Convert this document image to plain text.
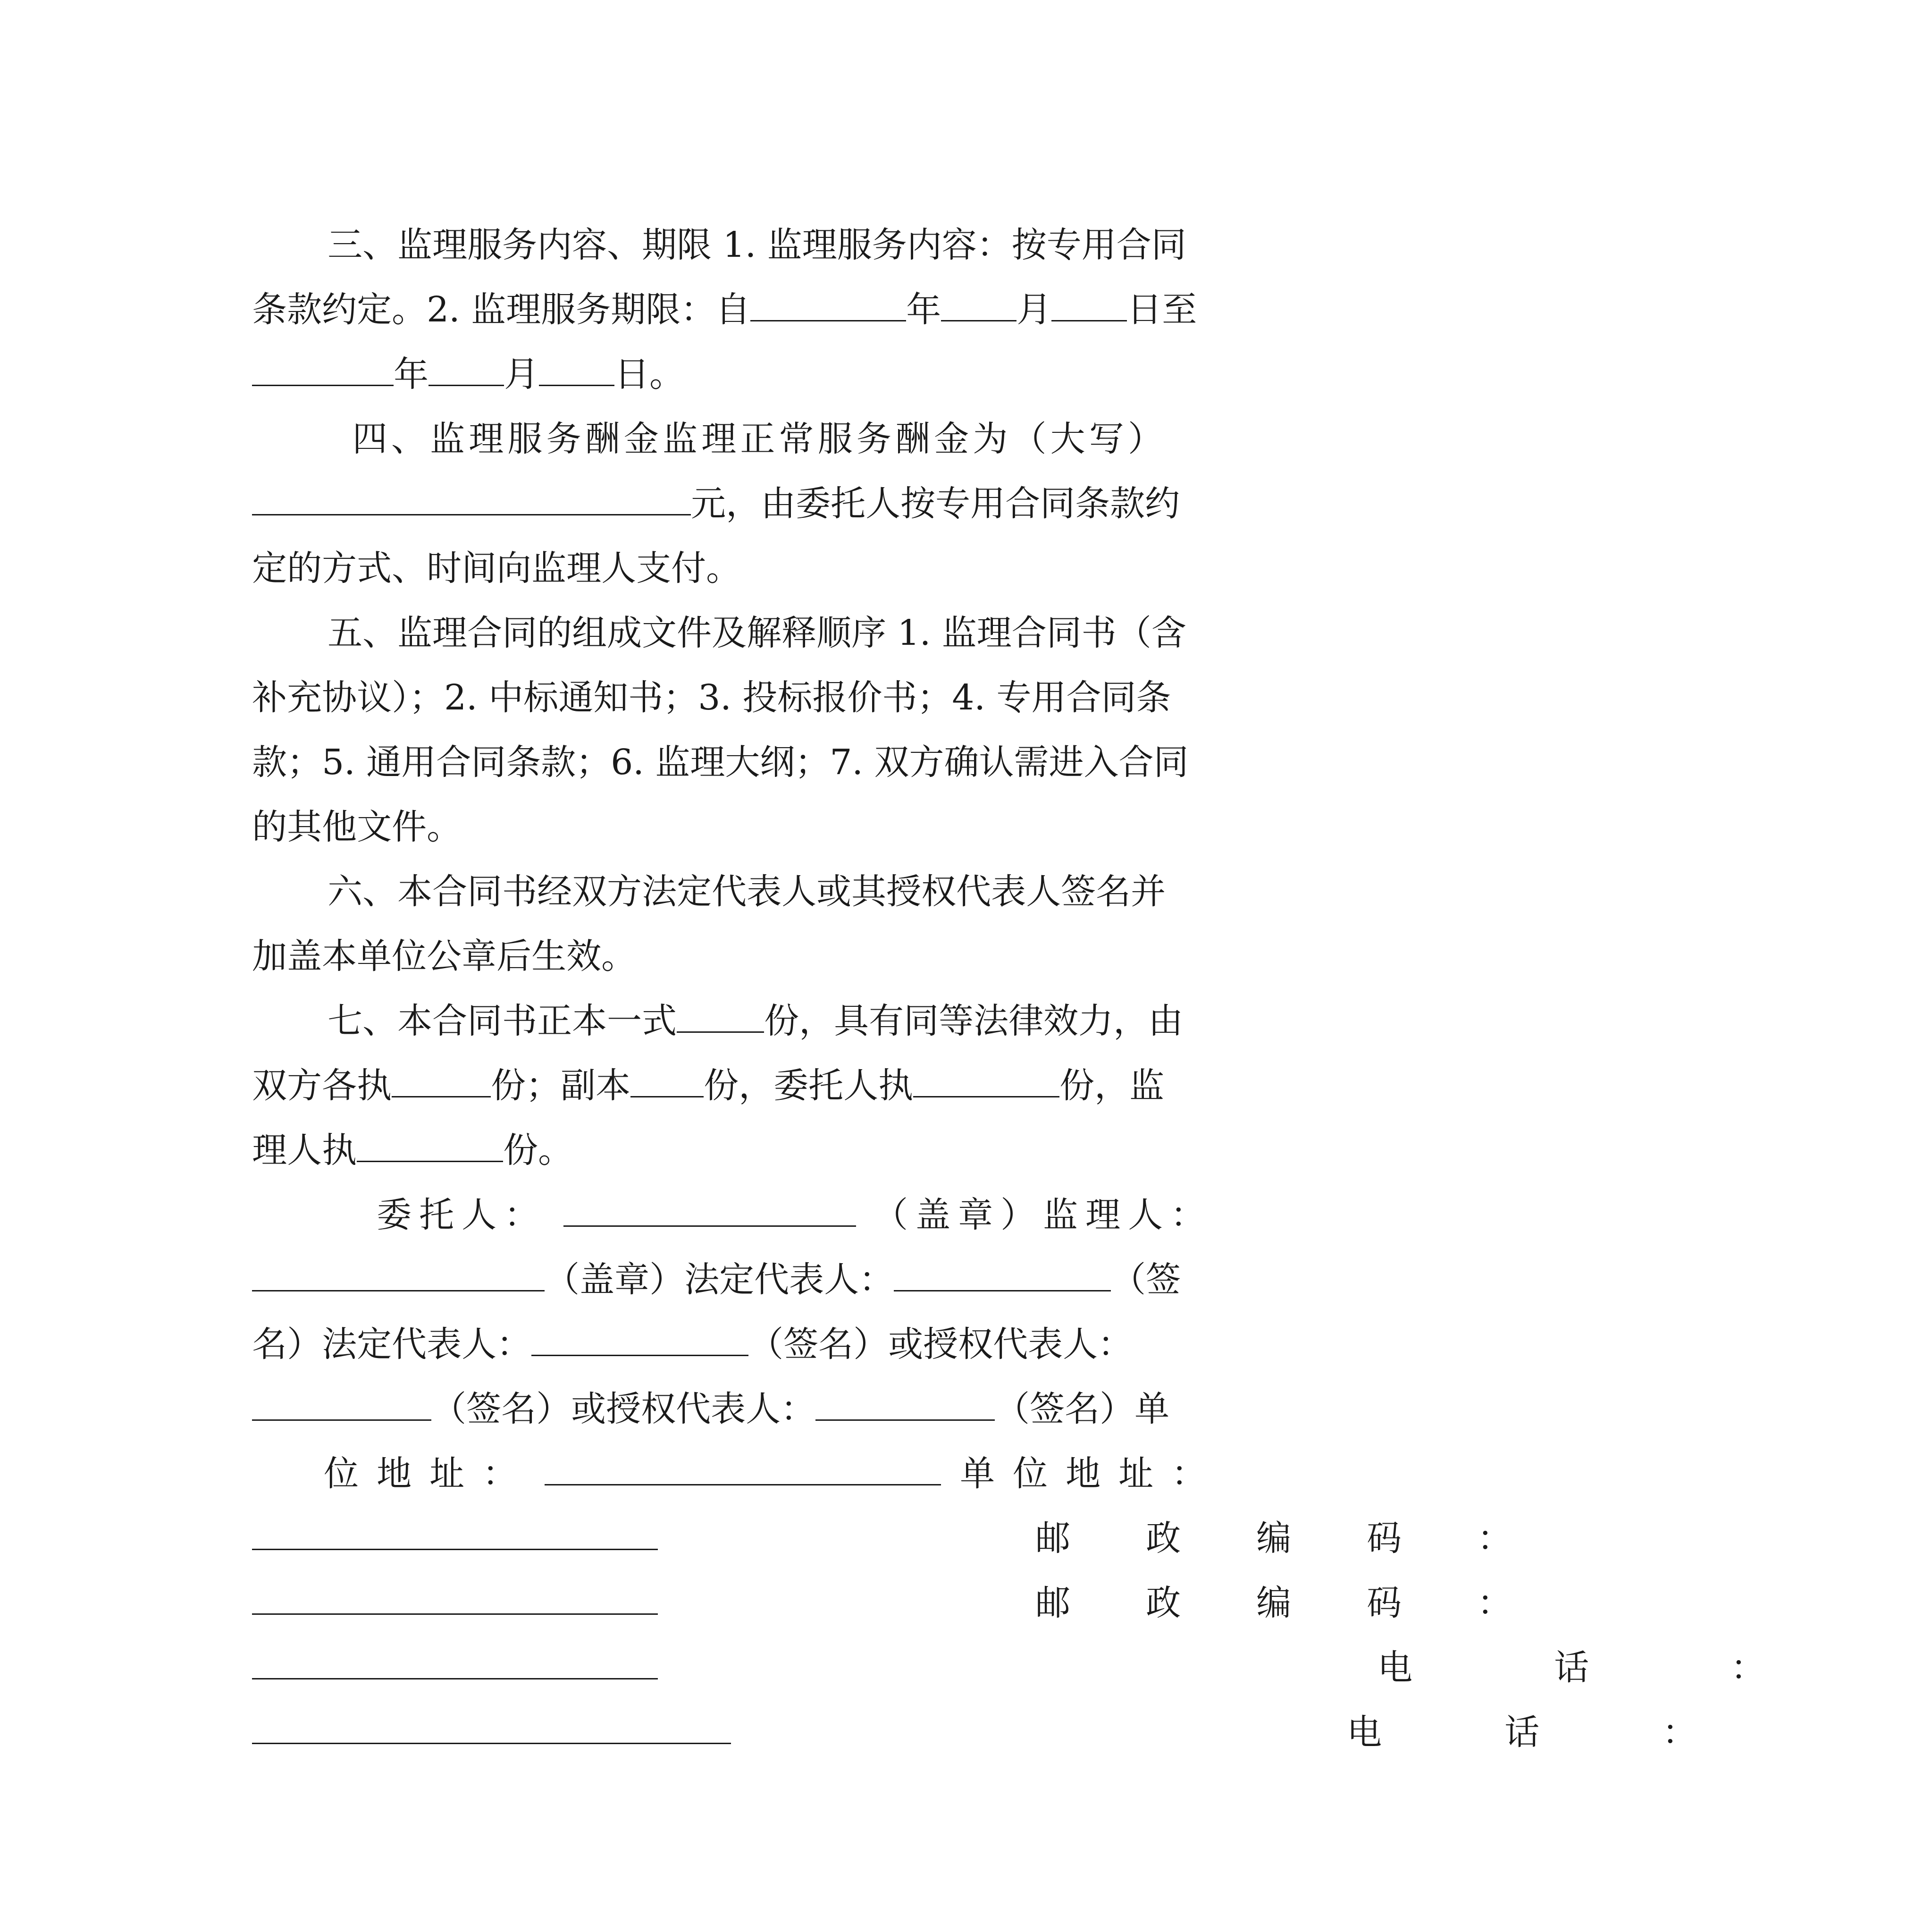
三、监理服务内容、期限 1. 监理服务内容：按专用合同

条款约定。2. 监理服务期限：自	年 月 日至

年 月 日。

四、监理服务酬金监理正常服务酬金为（大写）

元，由委托人按专用合同条款约

定的方式、时间向监理人支付。

五、监理合同的组成文件及解释顺序 1. 监理合同书（含

补充协议）；2. 中标通知书；3. 投标报价书；4. 专用合同条

款；5. 通用合同条款；6. 监理大纲；7. 双方确认需进入合同

的其他文件。

六、本合同书经双方法定代表人或其授权代表人签名并

加盖本单位公章后生效。

七、本合同书正本一式	份，具有同等法律效力，由

双方各执	份；副本 份，委托人执	份，监

理人执	份。

委托人：	（盖章）监理人：

（盖章）法定代表人：	（签

名）法定代表人：	（签名）或授权代表人：

（签名）或授权代表人：	（签名）单

位地址：	单位地址：

邮政编码：

邮政编码：

电话：

电话：
